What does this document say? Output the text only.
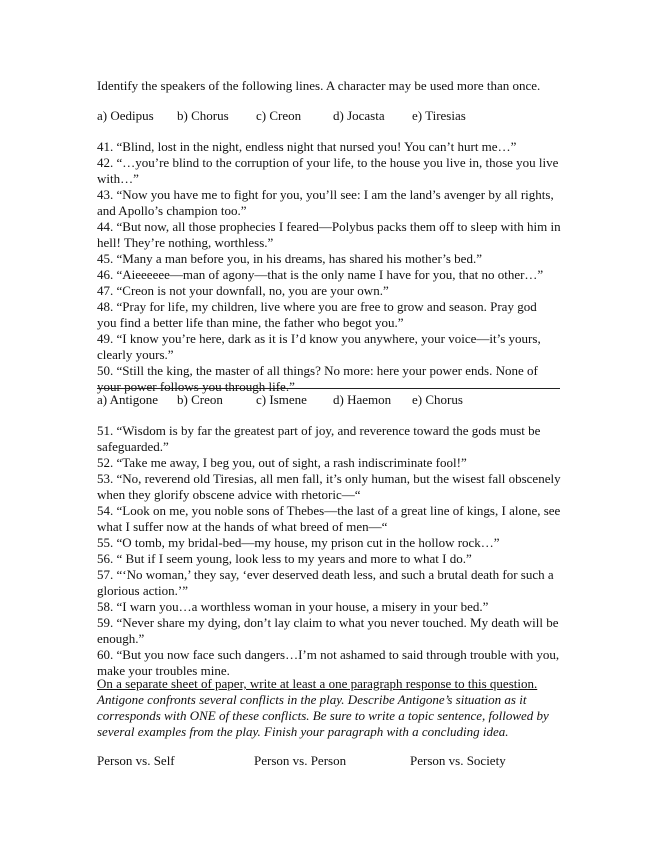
Identify the speakers of the following lines. A character may be used more than once.
a) Oedipus b) Chorus c) Creon d) Jocasta e) Tiresias
41. “Blind, lost in the night, endless night that nursed you! You can’t hurt me…”
42. “…you’re blind to the corruption of your life, to the house you live in, those you live
with…”
43. “Now you have me to fight for you, you’ll see: I am the land’s avenger by all rights,
and Apollo’s champion too.”
44. “But now, all those prophecies I feared—Polybus packs them off to sleep with him in
hell! They’re nothing, worthless.”
45. “Many a man before you, in his dreams, has shared his mother’s bed.”
46. “Aieeeeee—man of agony—that is the only name I have for you, that no other…”
47. “Creon is not your downfall, no, you are your own.”
48. “Pray for life, my children, live where you are free to grow and season. Pray god
you find a better life than mine, the father who begot you.”
49. “I know you’re here, dark as it is I’d know you anywhere, your voice—it’s yours,
clearly yours.”
50. “Still the king, the master of all things? No more: here your power ends. None of
your power follows you through life.”
a) Antigone b) Creon	c) Ismene d) Haemon e) Chorus
51. “Wisdom is by far the greatest part of joy, and reverence toward the gods must be
safeguarded.”
52. “Take me away, I beg you, out of sight, a rash indiscriminate fool!”
53. “No, reverend old Tiresias, all men fall, it’s only human, but the wisest fall obscenely
when they glorify obscene advice with rhetoric—“
54. “Look on me, you noble sons of Thebes—the last of a great line of kings, I alone, see
what I suffer now at the hands of what breed of men—“
55. “O tomb, my bridal-bed—my house, my prison cut in the hollow rock…”
56. “ But if I seem young, look less to my years and more to what I do.”
57. “‘No woman,’ they say, ‘ever deserved death less, and such a brutal death for such a
glorious action.’”
58. “I warn you…a worthless woman in your house, a misery in your bed.”
59. “Never share my dying, don’t lay claim to what you never touched. My death will be
enough.”
60. “But you now face such dangers…I’m not ashamed to said through trouble with you,
make your troubles mine.
On a separate sheet of paper, write at least a one paragraph response to this question.
Antigone confronts several conflicts in the play. Describe Antigone’s situation as it
corresponds with ONE of these conflicts. Be sure to write a topic sentence, followed by
several examples from the play. Finish your paragraph with a concluding idea.
Person vs. Self	Person vs. Person	Person vs. Society
